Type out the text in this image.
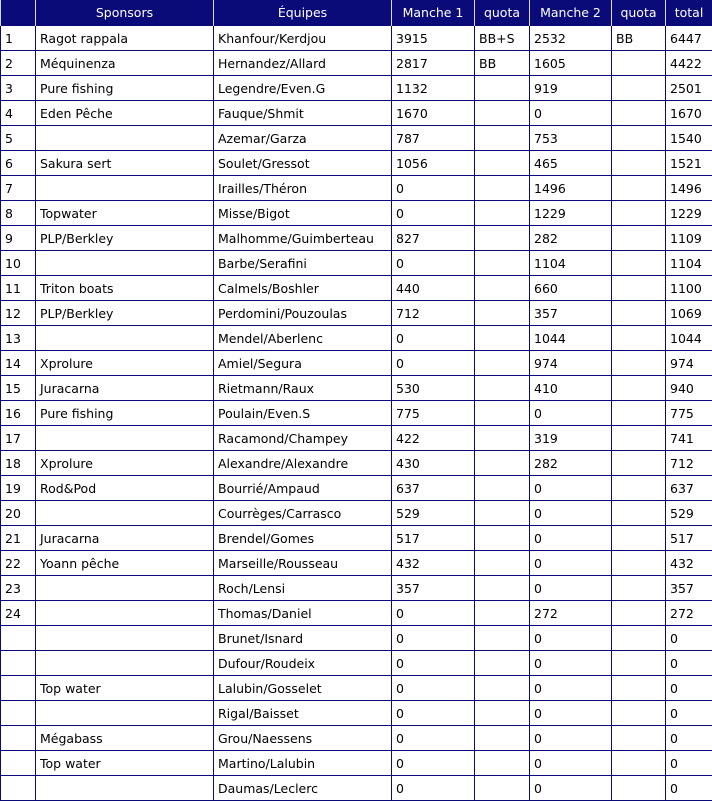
	Sponsors	Équipes	Manche 1	quota	Manche 2	quota	total
1	Ragot rappala	Khanfour/Kerdjou	3915	BB+S	2532	BB	6447
2	Méquinenza	Hernandez/Allard	2817	BB	1605		4422
3	Pure fishing	Legendre/Even.G	1132		919		2501
4	Eden Pêche	Fauque/Shmit	1670		0		1670
5		Azemar/Garza	787		753		1540
6	Sakura sert	Soulet/Gressot	1056		465		1521
7		Irailles/Théron	0		1496		1496
8	Topwater	Misse/Bigot	0		1229		1229
9	PLP/Berkley	Malhomme/Guimberteau	827		282		1109
10		Barbe/Serafini	0		1104		1104
11	Triton boats	Calmels/Boshler	440		660		1100
12	PLP/Berkley	Perdomini/Pouzoulas	712		357		1069
13		Mendel/Aberlenc	0		1044		1044
14	Xprolure	Amiel/Segura	0		974		974
15	Juracarna	Rietmann/Raux	530		410		940
16	Pure fishing	Poulain/Even.S	775		0		775
17		Racamond/Champey	422		319		741
18	Xprolure	Alexandre/Alexandre	430		282		712
19	Rod&Pod	Bourrié/Ampaud	637		0		637
20		Courrèges/Carrasco	529		0		529
21	Juracarna	Brendel/Gomes	517		0		517
22	Yoann pêche	Marseille/Rousseau	432		0		432
23		Roch/Lensi	357		0		357
24		Thomas/Daniel	0		272		272
		Brunet/Isnard	0		0		0
		Dufour/Roudeix	0		0		0
	Top water	Lalubin/Gosselet	0		0		0
		Rigal/Baisset	0		0		0
	Mégabass	Grou/Naessens	0		0		0
	Top water	Martino/Lalubin	0		0		0
		Daumas/Leclerc	0		0		0
